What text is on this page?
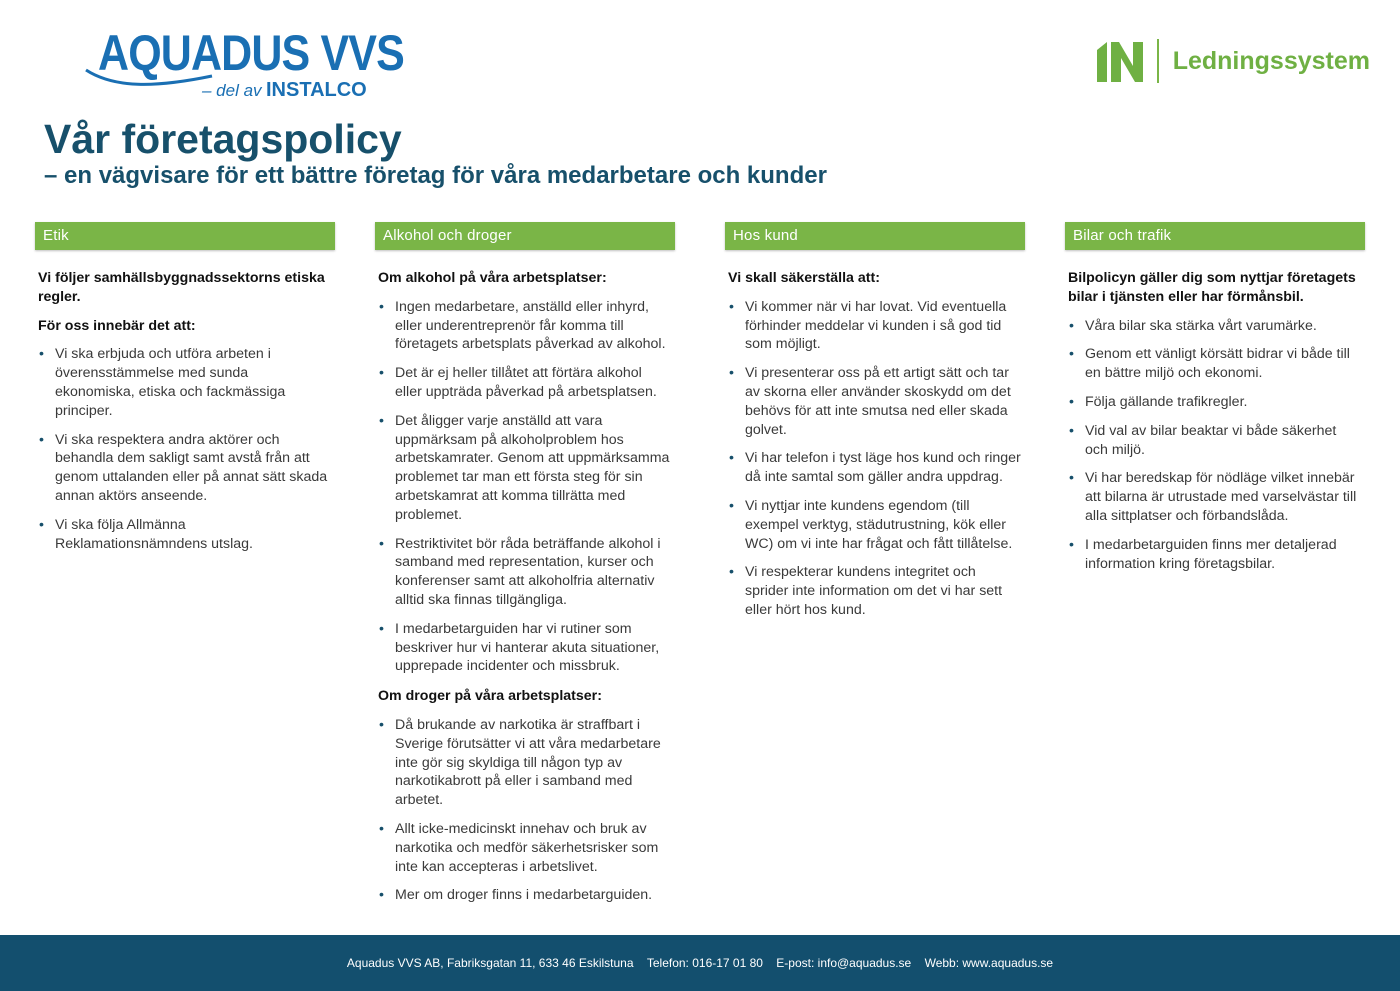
AQUADUS VVS
– del av INSTALCO
Ledningssystem
Vår företagspolicy
– en vägvisare för ett bättre företag för våra medarbetare och kunder
Etik

Vi följer samhällsbyggnadssektorns etiska regler.

För oss innebär det att:

• Vi ska erbjuda och utföra arbeten i överensstämmelse med sunda ekonomiska, etiska och fackmässiga principer.
• Vi ska respektera andra aktörer och behandla dem sakligt samt avstå från att genom uttalanden eller på annat sätt skada annan aktörs anseende.
• Vi ska följa Allmänna Reklamationsnämndens utslag.
Alkohol och droger

Om alkohol på våra arbetsplatser:

• Ingen medarbetare, anställd eller inhyrd, eller underentreprenör får komma till företagets arbetsplats påverkad av alkohol.
• Det är ej heller tillåtet att förtära alkohol eller uppträda påverkad på arbetsplatsen.
• Det åligger varje anställd att vara uppmärksam på alkoholproblem hos arbetskamrater. Genom att uppmärksamma problemet tar man ett första steg för sin arbetskamrat att komma tillrätta med problemet.
• Restriktivitet bör råda beträffande alkohol i samband med representation, kurser och konferenser samt att alkoholfria alternativ alltid ska finnas tillgängliga.
• I medarbetarguiden har vi rutiner som beskriver hur vi hanterar akuta situationer, upprepade incidenter och missbruk.

Om droger på våra arbetsplatser:

• Då brukande av narkotika är straffbart i Sverige förutsätter vi att våra medarbetare inte gör sig skyldiga till någon typ av narkotikabrott på eller i samband med arbetet.
• Allt icke-medicinskt innehav och bruk av narkotika och medför säkerhetsrisker som inte kan accepteras i arbetslivet.
• Mer om droger finns i medarbetarguiden.
Hos kund

Vi skall säkerställa att:

• Vi kommer när vi har lovat. Vid eventuella förhinder meddelar vi kunden i så god tid som möjligt.
• Vi presenterar oss på ett artigt sätt och tar av skorna eller använder skoskydd om det behövs för att inte smutsa ned eller skada golvet.
• Vi har telefon i tyst läge hos kund och ringer då inte samtal som gäller andra uppdrag.
• Vi nyttjar inte kundens egendom (till exempel verktyg, städutrustning, kök eller WC) om vi inte har frågat och fått tillåtelse.
• Vi respekterar kundens integritet och sprider inte information om det vi har sett eller hört hos kund.
Bilar och trafik

Bilpolicyn gäller dig som nyttjar företagets bilar i tjänsten eller har förmånsbil.

• Våra bilar ska stärka vårt varumärke.
• Genom ett vänligt körsätt bidrar vi både till en bättre miljö och ekonomi.
• Följa gällande trafikregler.
• Vid val av bilar beaktar vi både säkerhet och miljö.
• Vi har beredskap för nödläge vilket innebär att bilarna är utrustade med varselvästar till alla sittplatser och förbandslåda.
• I medarbetarguiden finns mer detaljerad information kring företagsbilar.
Aquadus VVS AB, Fabriksgatan 11, 633 46 Eskilstuna Telefon: 016-17 01 80 E-post: info@aquadus.se Webb: www.aquadus.se
